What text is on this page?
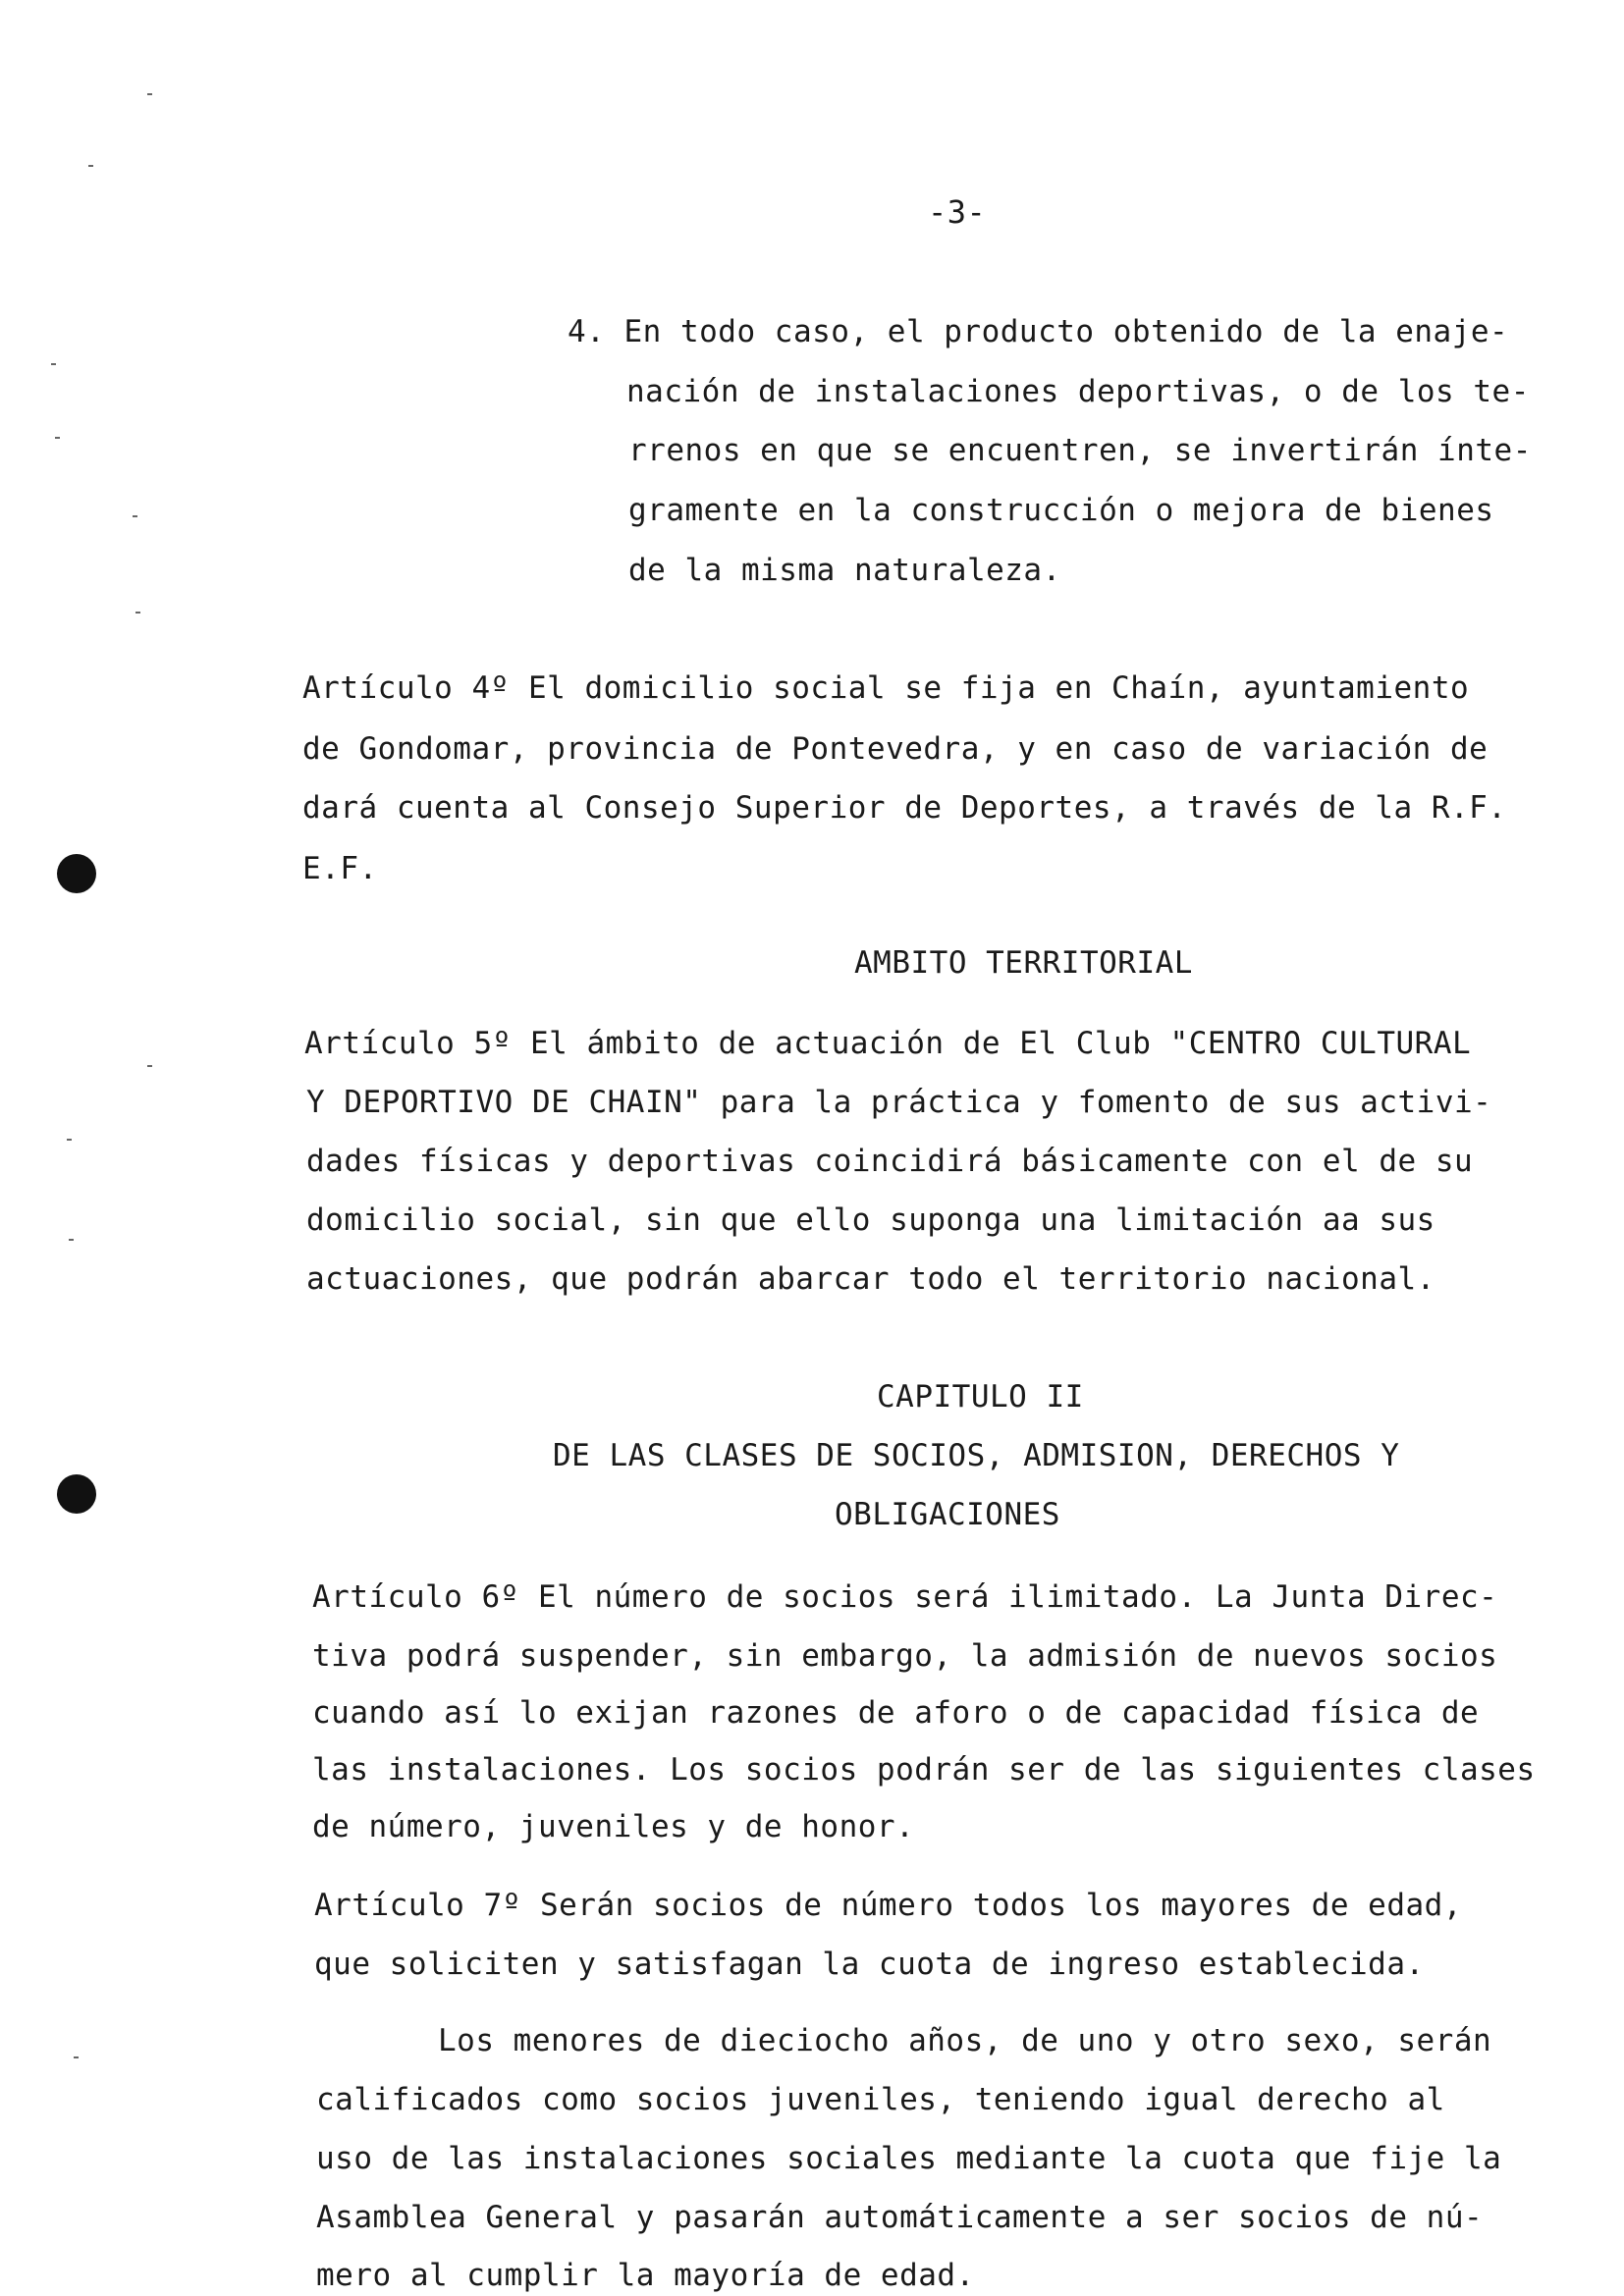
-3-
4. En todo caso, el producto obtenido de la enaje-
nación de instalaciones deportivas, o de los te-
rrenos en que se encuentren, se invertirán ínte-
gramente en la construcción o mejora de bienes
de la misma naturaleza.
Artículo 4º El domicilio social se fija en Chaín, ayuntamiento
de Gondomar, provincia de Pontevedra, y en caso de variación de
dará cuenta al Consejo Superior de Deportes, a través de la R.F.
E.F.
AMBITO TERRITORIAL
Artículo 5º El ámbito de actuación de El Club "CENTRO CULTURAL
Y DEPORTIVO DE CHAIN" para la práctica y fomento de sus activi-
dades físicas y deportivas coincidirá básicamente con el de su
domicilio social, sin que ello suponga una limitación aa sus
actuaciones, que podrán abarcar todo el territorio nacional.
CAPITULO II
DE LAS CLASES DE SOCIOS, ADMISION, DERECHOS Y
OBLIGACIONES
Artículo 6º El número de socios será ilimitado. La Junta Direc-
tiva podrá suspender, sin embargo, la admisión de nuevos socios
cuando así lo exijan razones de aforo o de capacidad física de
las instalaciones. Los socios podrán ser de las siguientes clases
de número, juveniles y de honor.
Artículo 7º Serán socios de número todos los mayores de edad,
que soliciten y satisfagan la cuota de ingreso establecida.
Los menores de dieciocho años, de uno y otro sexo, serán
calificados como socios juveniles, teniendo igual derecho al
uso de las instalaciones sociales mediante la cuota que fije la
Asamblea General y pasarán automáticamente a ser socios de nú-
mero al cumplir la mayoría de edad.
